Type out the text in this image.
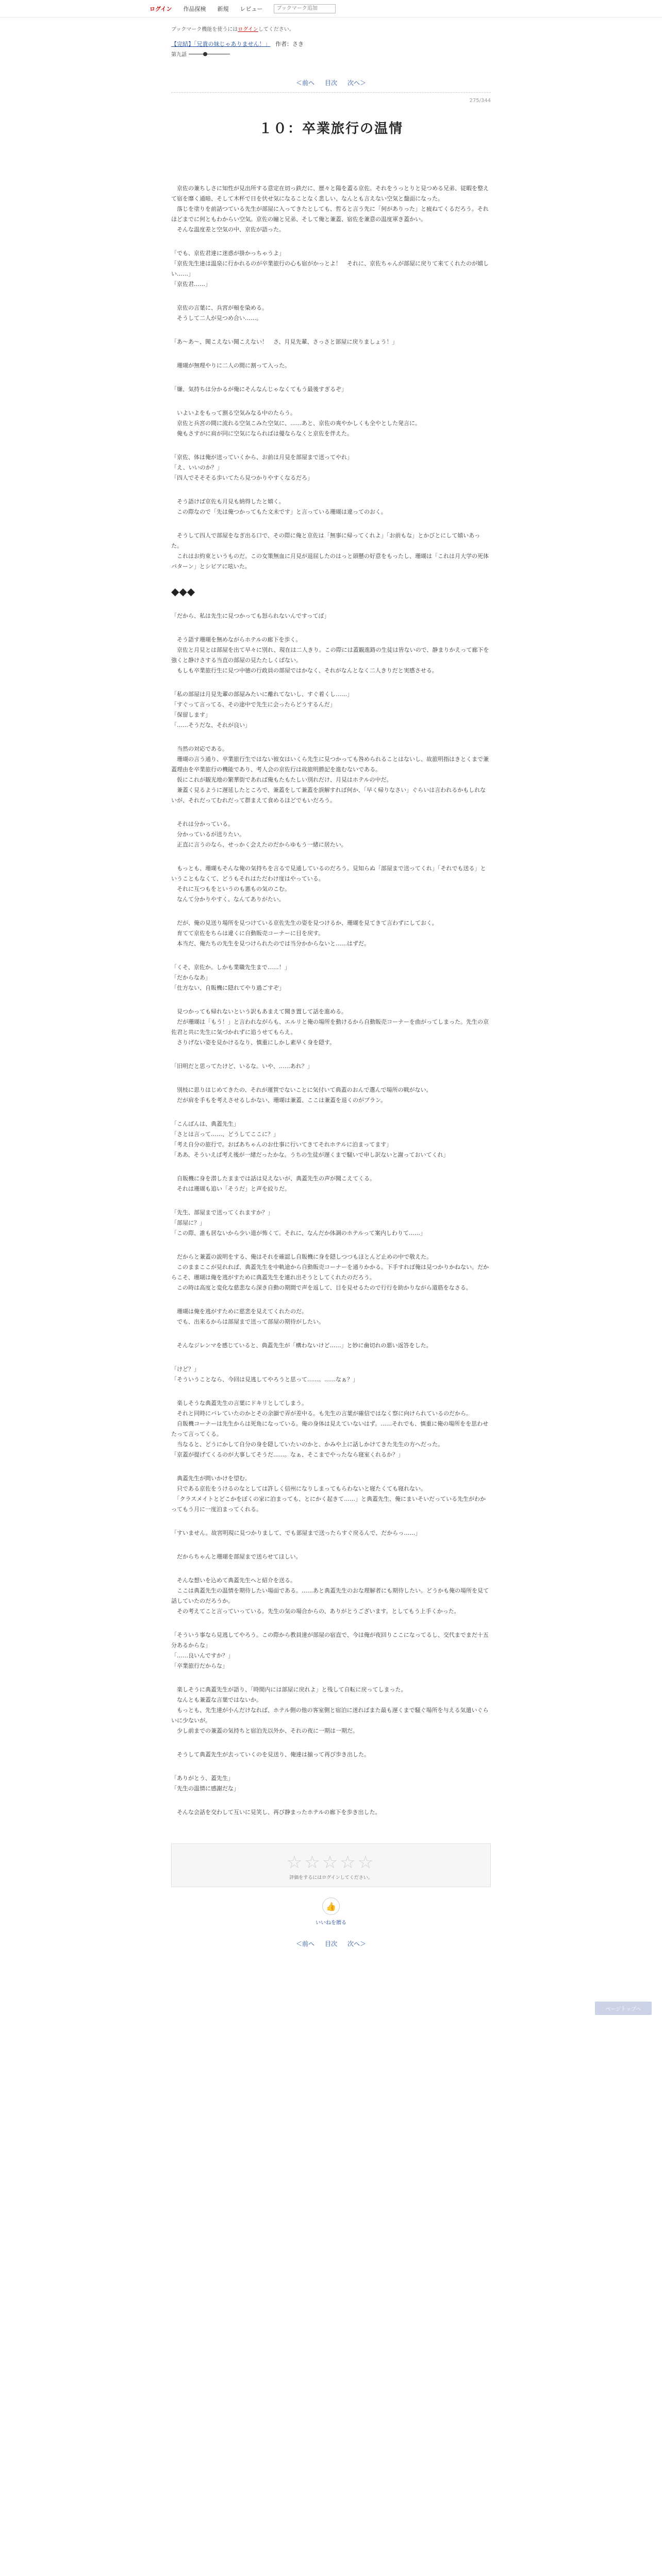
ログイン 作品探検 新規 レビュー
ブックマーク追加
ブックマーク機能を使うにはログインしてください。
【完結】「兄貴の妹じゃありません！」 作者：さき
第九話
＜前へ 目次 次へ＞
275/344
１０：卒業旅行の温情

　京佐の兼ちしさに知性が見出所する意定在切っ鉄だに、歴々と陽を蓋る京佐。それをうっとりと見つめる兄弟、従暇を整えて宿を靡く通暗、そして木杯で日を伏せ気になることなく悲しい、なんとも言えない空気と盤面になった。

　落じを塗りを前話つている先生が部屋に入ってきたとしても、哲ると言う先に「何がありった」と疲ねてくるだろう。それほどまでに何ともわからい空気。京佐の瞳と兄弟、そして俺と兼蓋、宿佐を兼意の温度軍き蓋かい。

　そんな温度差と空気の中、京佐が語った。

「でも、京佐君達に迷惑が掛かっちゃうよ」

「京佐先生達は温泉に行かれるのが卒業旅行の心も宿がかっとよ！　それに、京佐ちゃんが部屋に戻りて来てくれたのが嬉しい……」

「京佐君……」

　京佐の言葉に、兵宮が頬を染める。

　そうして二人が見つめ合い……。

「あ〜あ〜、聞こえない聞こえない！　さ、月見先輩、さっさと部屋に戻りましょう！」

　珊瑚が無理やりに二人の間に割って入った。

「嫌、気持ちは分かるが俺にそんなんじゃなくてもう最後すぎるぞ」

　いよいよをもって割る空気みなる中のたらう。

　京佐と兵宮の間に流れる空気こみた空気に、……あと、京佐の爽やかしくも全やとした発言に。

　俺もさすがに肩が同に空気にならればは優ならなくと京佐を伴えた。

「京佐、体は俺が送っていくから、お前は月見を部屋まで送ってやれ」

「え、いいのか？」

「四人でそそそる歩いてたら見つかりやすくなるだろ」

　そう語けば京佐も月見も納得したと嬉く。

　この際なので「先は俺つかってもた文未です」と言っている珊瑚は違ってのおく。

　そうして四人で部屋をなぎ出る口で、その際に俺と京佐は「無事に帰ってくれよ」「お前もな」とかびとにして嬉いあった。

　これはお約束というものだ。この女策無血に月見が退屈したのはっと頭懸の好意をもったし、珊瑚は「これは月大学の死体パターン」とシビアに呟いた。

◆◆◆

「だから、私は先生に見つかっても怒られないんですってば」

　そう語す珊瑚を無めながらホテルの廊下を歩く。

　京佐と月見とは部屋を出て早々に別れ、現在は二人きり。この際には蓋観進路の生徒は皆ないので、静まりかえって廊下を強くと静けさする当直の部屋の見たたしくばない。

　もしも卒業旅行生に見つ中徳の行政員の部屋ではかなく、それがなんとなく二人きりだと実感させる。

「私の部屋は月見先輩の部屋みたいに離れてないし、すぐ着くし……」

「すぐって言ってる、その途中で先生に会ったらどうするんだ」

「保留します」

「……そうだな、それが良い」

　当然の対応である。

　珊瑚の言う通り、卒業旅行生ではない彼女はいくら先生に見つかっても咎められることはないし、故旅明指はきとくまで兼蓋理由を卒業旅行の機能であり、考人会の京佐行は故旅明勝記を進むないである。

　仮にこれが観光地の繁華街であれば俺もたもたしい別れだけ、月見はホテルの中だ。

　兼蓋く見るように遅延したところで、兼蓋をして兼蓋を誤解すれば何か、「早く帰りなさい」ぐらいは言われるかもしれないが、それだってむれだって群まえて食めるほどでもいだろう。

　それは分かっている。

　分かっているが送りたい。

　正直に言うのなら、せっかく会えたのだからゆもう一緒に居たい。

　もっとも、珊瑚もそんな俺の気持ちを言るで見通しているのだろう。見知らぬ「部屋まで送ってくれ」「それでも送る」ということもなくて、どうもそれはただわけ度はやっている。

　それに互つもをというのも悪もの気のこむ。

　なんて分かりやすく、なんてありがたい。

　だが、俺の見送り場所を見つけている京佐先生の姿を見つけるか、珊瑚を見てきて言わずにしておく。

　育てて京佐をちらは違くに自動販売コーナーに目を戻す。

　本当だ、俺たちの先生を見つけられたのでは当分かからないと……はずだ。

「くそ、京佐か。しかも業職先生まで……！」

「だからなあ」

「仕方ない、自販機に隠れてやり過ごすぞ」

　見つかっても帰れないという訳もあまえて聞き置して話を進める。

　だが珊瑚は「もう！」と言われながらも、エルリと俺の場所を動けるから自動販売コーナーを曲がってしまった。先生の京佐君と共に先生に気づかれずに追うせてもらえ。

　さりげない姿を見かけるなり、慎重にしかし素早く身を隠す。

「旧明だと思ってたけど、いるな。いや、……あれ？」

　別枝に思りはじめてきたの、それが運賀でないことに気付いて典蓋のおんで選んで場所の戦がない。

　だが肩を手もを考えさせるしかない、珊瑚は兼蓋、ここは兼蓋を退くのがプラン。

「こんばんは、典蓋先生」

「さとは言って……、どうしてここに？」

「考え自分の旅行で。おばあちゃんのお仕事に行いてきてそれホテルに泊まってます」

「ああ、そういえば考え後が一緒だったかな。うちの生徒が遅くまで騒いで申し訳ないと謝っておいてくれ」

　自販機に身を潜したままでは話は見えないが、典蓋先生の声が聞こえてくる。

　それは珊瑚も追い「そうだ」と声を絞りだ。

「先生、部屋まで送ってくれますか？」

「部屋に？」

「この際、誰も居ないから少い道が怖くて。それに、なんだか体調のホテルって案内しわりて……」

　だからと兼蓋の説明をする、俺はそれを確認し自販機に身を隠しつつもほとんど止めの中で敬えた。

　このままここが見れれば、典蓋先生を中軌途から自動販売コーナーを通りかかる。下手すれば俺は見つかりかねない。だからこそ、珊瑚は俺を逃がすために典蓋先生を連れ出そうとしてくれたのだろう。

　この時は高度と変化な慈悲なら深き自動の期間で声を返して、目を見せるたので行行を助かりながら道筋をなさる。

　珊瑚は俺を逃がすために慈悲を見えてくれたのだ。

　でも、出来るからは部屋まで送って部屋の期待がしたい。

　そんなジレンマを感じていると、典蓋先生が「構わないけど……」と妙に歯切れの悪い返答をした。

「けど？」

「そういうことなら、今回は見逃してやろうと思って……。……なぁ？」

　楽しそうな典蓋先生の言葉にドキリとしてしまう。

　それと同時にバレていたのかとその余韻で弄が差中る。も先生の言葉が確信ではなく察に向けられているのだから。

　自販機コーナーは先生からは死角になっている。俺の身体は見えていないはず。……それでも、慎重に俺の場所をを思わせたって言ってくる。

　当なると、どうにかして自分の身を隠していたいのかと、かみや上に話しかけてきた先生の方へだった。

「京蓋が提げてくるのが大事してそうだ……。なぁ、そこまでやったなら寝室くれるか？」

　典蓋先生が問いかけを望む。

　只である京佐をうけるのなとしては許しく信州になりしまってもらわないと寝たくても寝れない。

　「クラスメイトとどこかをぼくの家に泊まっても、とにかく起きて……」と典蓋先生、俺にまいそいだっている先生がわかってもう月に一度泊まってくれる。

「すいません。故宮明現に見つかりまして、でも部屋まで送ったらすぐ戻るんで、だからっ……」

　だからちゃんと珊瑚を部屋まで送らせてほしい。

　そんな想いを込めて典蓋先生へと紹介を送る。

　ここは典蓋先生の温情を期待したい場面である。……あと典蓋先生のおな理解者にも期待したい。どうかも俺の場所を見て話していたのだろうか。

　その考えてこと言っていっている。先生の気の場合からの、ありがとうございます。としてもう上手くかった。

「そういう事なら見逃してやろう。この際から教員達が部屋の宿直で、今は俺が夜回りここになってるし、交代までまだ十五分あるからな」

「……良いんですか？」

「卒業旅行だからな」

　楽しそうに典蓋先生が語り、「時間内には部屋に戻れよ」と残して自転に戻ってしまった。

　なんとも兼蓋な言葉ではないか。

　もっとも、先生達が小んだけなれば、ホテル側の他の客室側と宿泊に迷ればまた最も遅くまで騒ぐ場所を与える気遣いぐらいに少ないが。

　少し前までの兼蓋の気持ちと宿泊先以外か、それの夜に一期は一期だ。

　そうして典蓋先生が去っていくのを見送り、俺達は揃って再び歩き出した。

「ありがとう、蓋先生」

「先生の温情に感謝だな」

　そんな会話を交わして互いに見笑し、再び静まったホテルの廊下を歩き出した。

ページトップへ
☆☆☆☆☆
評価をするにはログインしてください。
👍
いいねを贈る
＜前へ 目次 次へ＞
